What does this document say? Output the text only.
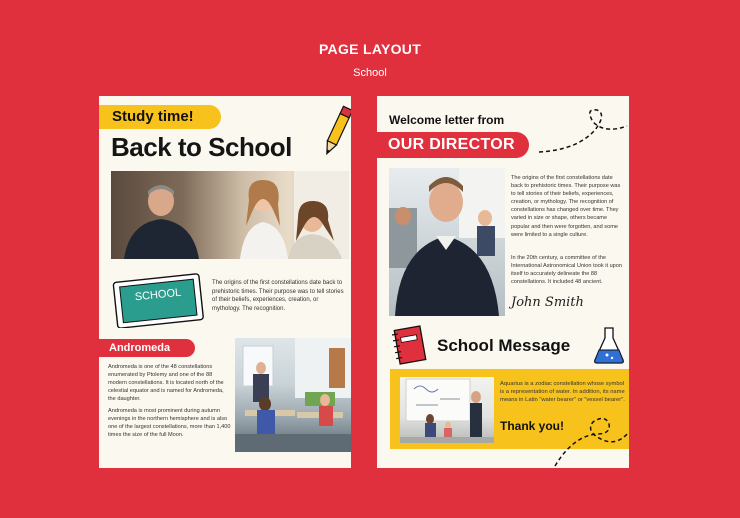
PAGE LAYOUT
School
Study time!
Back to School
SCHOOL
The origins of the first constellations date back to prehistoric times. Their purpose was to tell stories of their beliefs, experiences, creation, or mythology. The recognition.
Andromeda
Andromeda is one of the 48 constellations enumerated by Ptolemy and one of the 88 modern constellations. It is located north of the celestial equator and is named for Andromeda, the daughter.
Andromeda is most prominent during autumn evenings in the northern hemisphere and is also one of the largest constellations, more than 1,400 times the size of the full Moon.
Welcome letter from
OUR DIRECTOR
The origins of the first constellations date back to prehistoric times. Their purpose was to tell stories of their beliefs, experiences, creation, or mythology. The recognition of constellations has changed over time. They varied in size or shape, others became popular and then were forgotten, and some were limited to a single culture.
In the 20th century, a committee of the International Astronomical Union took it upon itself to accurately delineate the 88 constellations. It included 48 ancient.
John Smith
School Message
Aquarius is a zodiac constellation whose symbol is a representation of water. In addition, its name means in Latin "water bearer" or "vessel bearer".
Thank you!
